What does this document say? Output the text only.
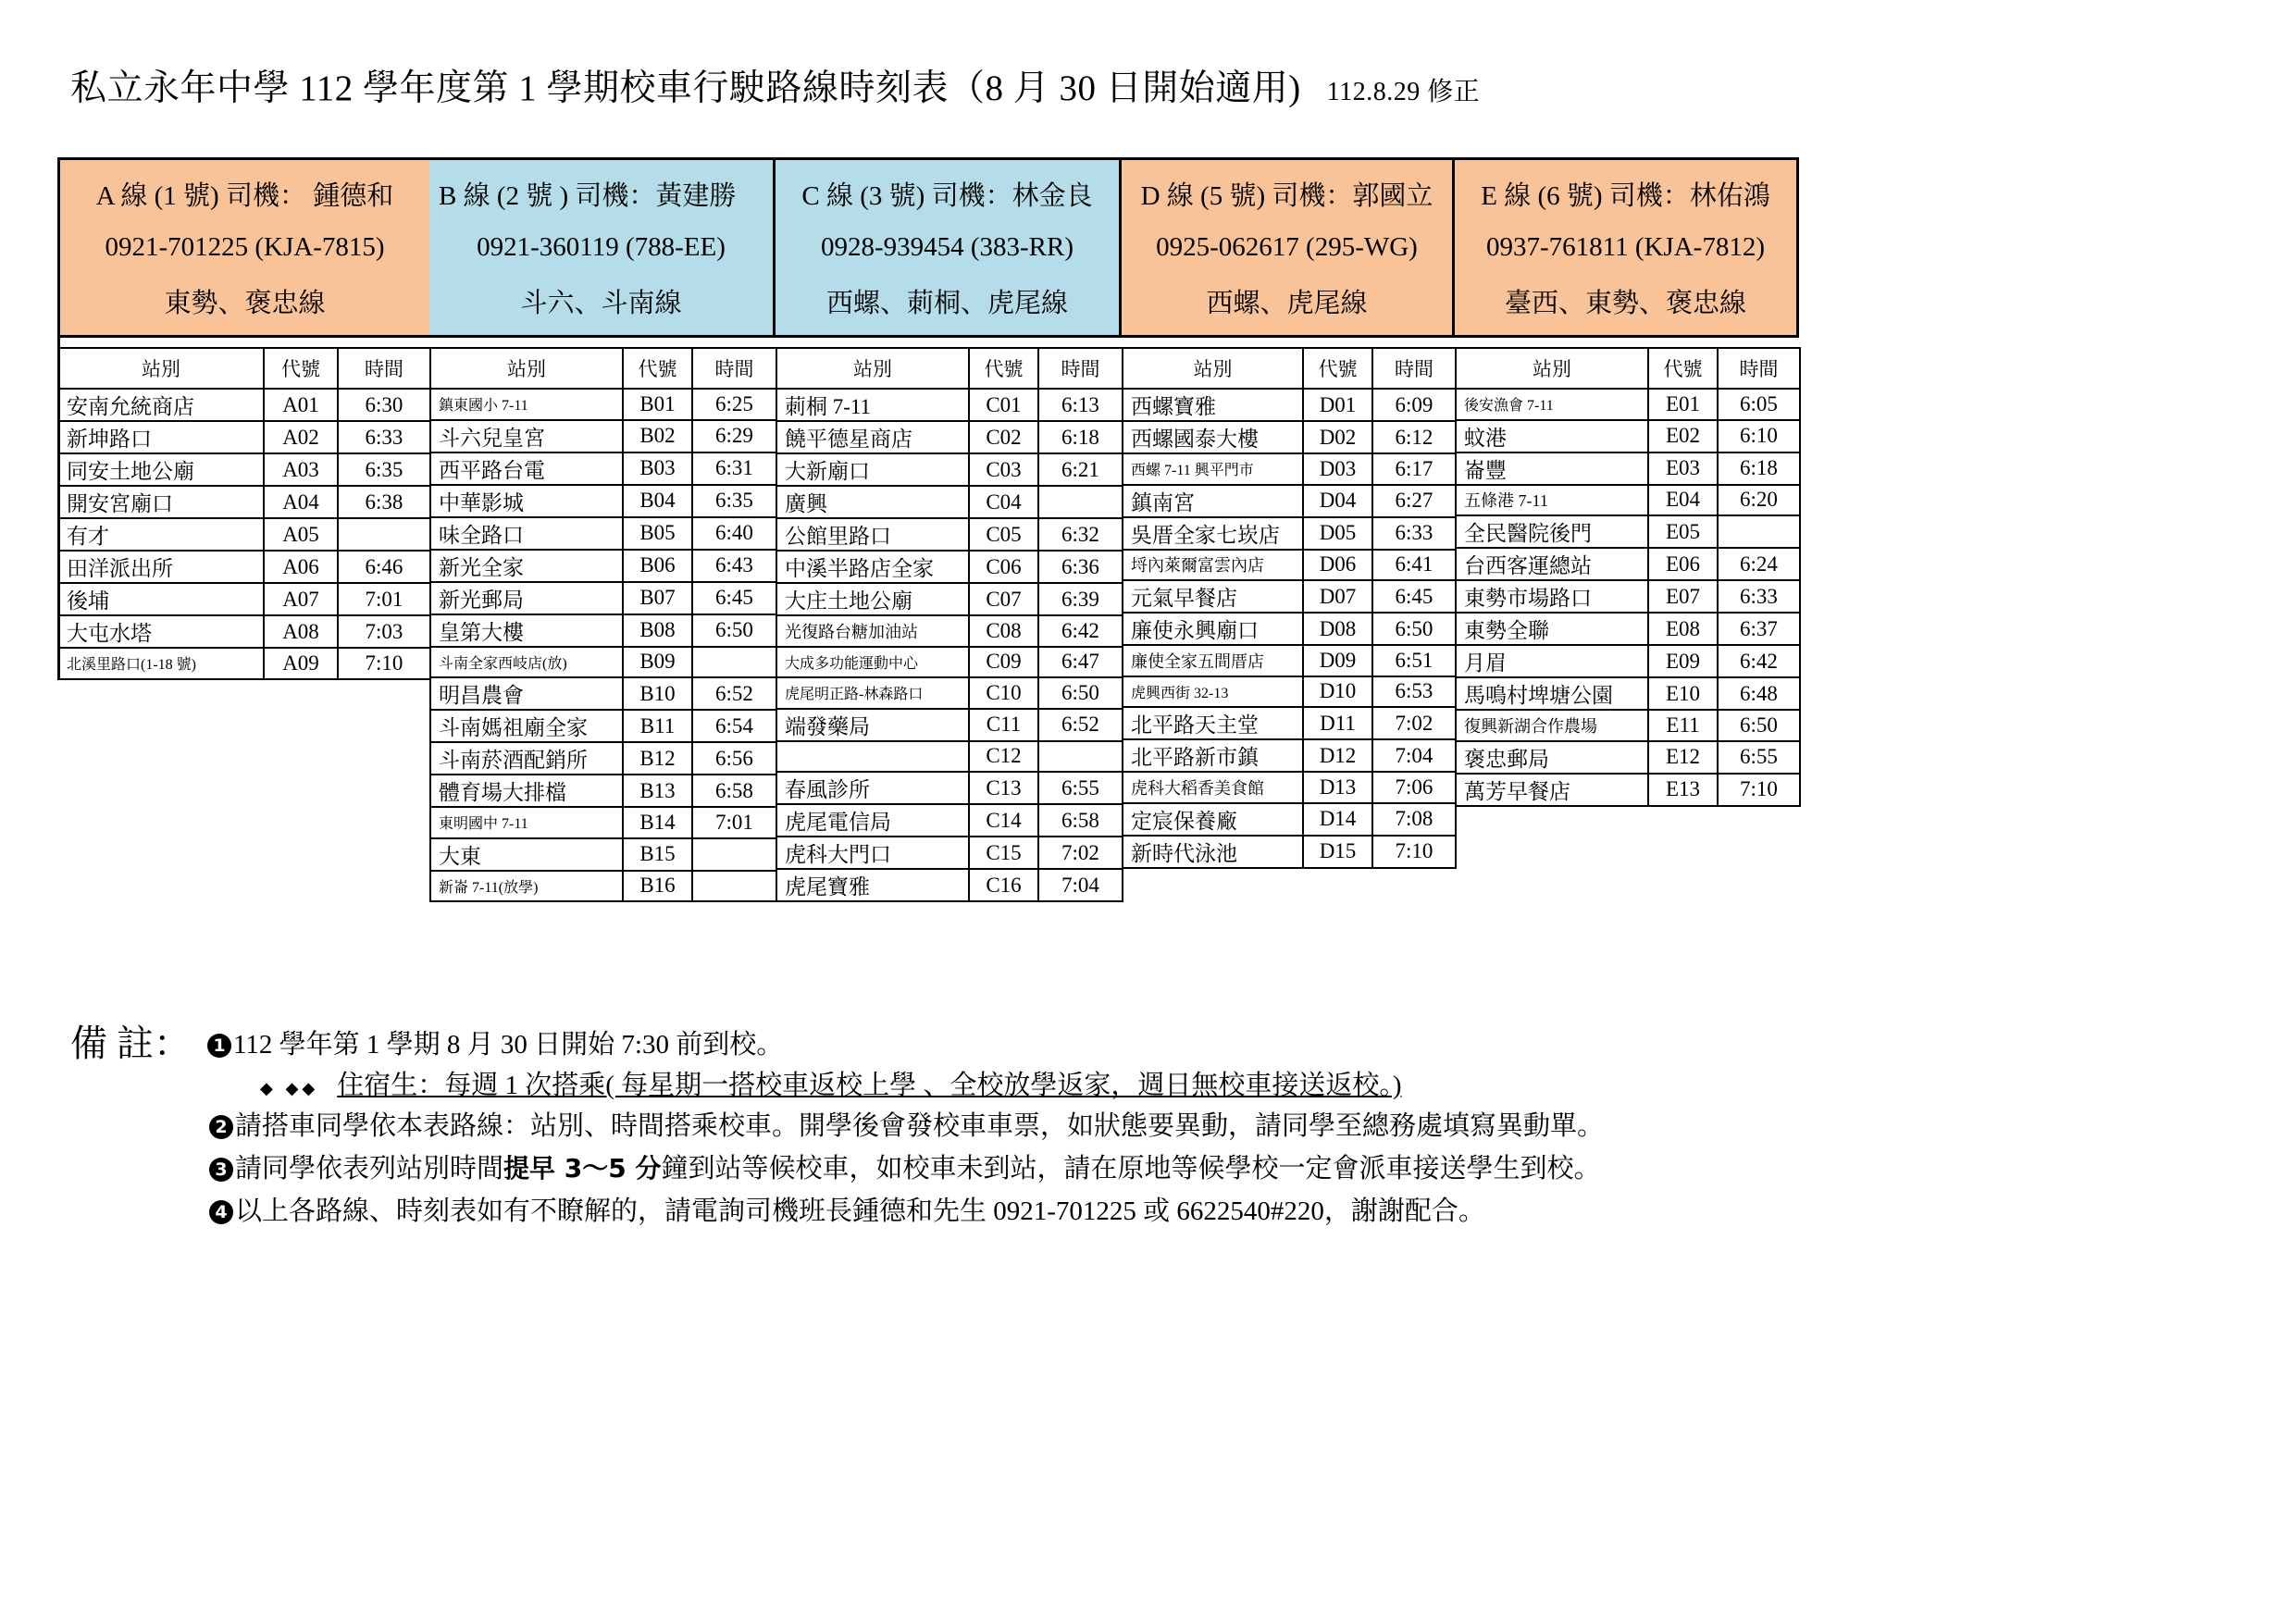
私立永年中學 112 學年度第 1 學期校車行駛路線時刻表（8 月 30 日開始適用) 112.8.29 修正
A 線 (1 號) 司機： 鍾德和
0921-701225 (KJA-7815)
東勢、褒忠線
站別	代號	時間
安南允統商店	A01	6:30
新坤路口	A02	6:33
同安土地公廟	A03	6:35
開安宮廟口	A04	6:38
有才	A05	
田洋派出所	A06	6:46
後埔	A07	7:01
大屯水塔	A08	7:03
北溪里路口(1-18 號)	A09	7:10
B 線 (2 號 ) 司機：黃建勝
0921-360119 (788-EE)
斗六、斗南線
站別	代號	時間
鎮東國小 7-11	B01	6:25
斗六兒皇宮	B02	6:29
西平路台電	B03	6:31
中華影城	B04	6:35
味全路口	B05	6:40
新光全家	B06	6:43
新光郵局	B07	6:45
皇第大樓	B08	6:50
斗南全家西岐店(放)	B09	
明昌農會	B10	6:52
斗南媽祖廟全家	B11	6:54
斗南菸酒配銷所	B12	6:56
體育場大排檔	B13	6:58
東明國中 7-11	B14	7:01
大東	B15	
新崙 7-11(放學)	B16	
C 線 (3 號) 司機：林金良
0928-939454 (383-RR)
西螺、莿桐、虎尾線
站別	代號	時間
莿桐 7-11	C01	6:13
饒平德星商店	C02	6:18
大新廟口	C03	6:21
廣興	C04	
公館里路口	C05	6:32
中溪半路店全家	C06	6:36
大庄土地公廟	C07	6:39
光復路台糖加油站	C08	6:42
大成多功能運動中心	C09	6:47
虎尾明正路-林森路口	C10	6:50
端發藥局	C11	6:52
	C12	
春風診所	C13	6:55
虎尾電信局	C14	6:58
虎科大門口	C15	7:02
虎尾寶雅	C16	7:04
D 線 (5 號) 司機：郭國立
0925-062617 (295-WG)
西螺、虎尾線
站別	代號	時間
西螺寶雅	D01	6:09
西螺國泰大樓	D02	6:12
西螺 7-11 興平門市	D03	6:17
鎮南宮	D04	6:27
吳厝全家七崁店	D05	6:33
埒內萊爾富雲內店	D06	6:41
元氣早餐店	D07	6:45
廉使永興廟口	D08	6:50
廉使全家五間厝店	D09	6:51
虎興西街 32-13	D10	6:53
北平路天主堂	D11	7:02
北平路新市鎮	D12	7:04
虎科大稻香美食館	D13	7:06
定宸保養廠	D14	7:08
新時代泳池	D15	7:10
E 線 (6 號) 司機：林佑鴻
0937-761811 (KJA-7812)
臺西、東勢、褒忠線
站別	代號	時間
後安漁會 7-11	E01	6:05
蚊港	E02	6:10
崙豐	E03	6:18
五條港 7-11	E04	6:20
全民醫院後門	E05	
台西客運總站	E06	6:24
東勢市場路口	E07	6:33
東勢全聯	E08	6:37
月眉	E09	6:42
馬鳴村埤塘公園	E10	6:48
復興新湖合作農場	E11	6:50
褒忠郵局	E12	6:55
萬芳早餐店	E13	7:10
備 註：	1 112 學年第 1 學期 8 月 30 日開始 7:30 前到校。
◆ ◆◆ 住宿生：每週 1 次搭乘( 每星期一搭校車返校上學 、全校放學返家，週日無校車接送返校。)
2 請搭車同學依本表路線：站別、時間搭乘校車。開學後會發校車車票，如狀態要異動，請同學至總務處填寫異動單。
3 請同學依表列站別時間提早 3～5 分鐘到站等候校車，如校車未到站，請在原地等候學校一定會派車接送學生到校。
4 以上各路線、時刻表如有不瞭解的，請電詢司機班長鍾德和先生 0921-701225 或 6622540#220，謝謝配合。
